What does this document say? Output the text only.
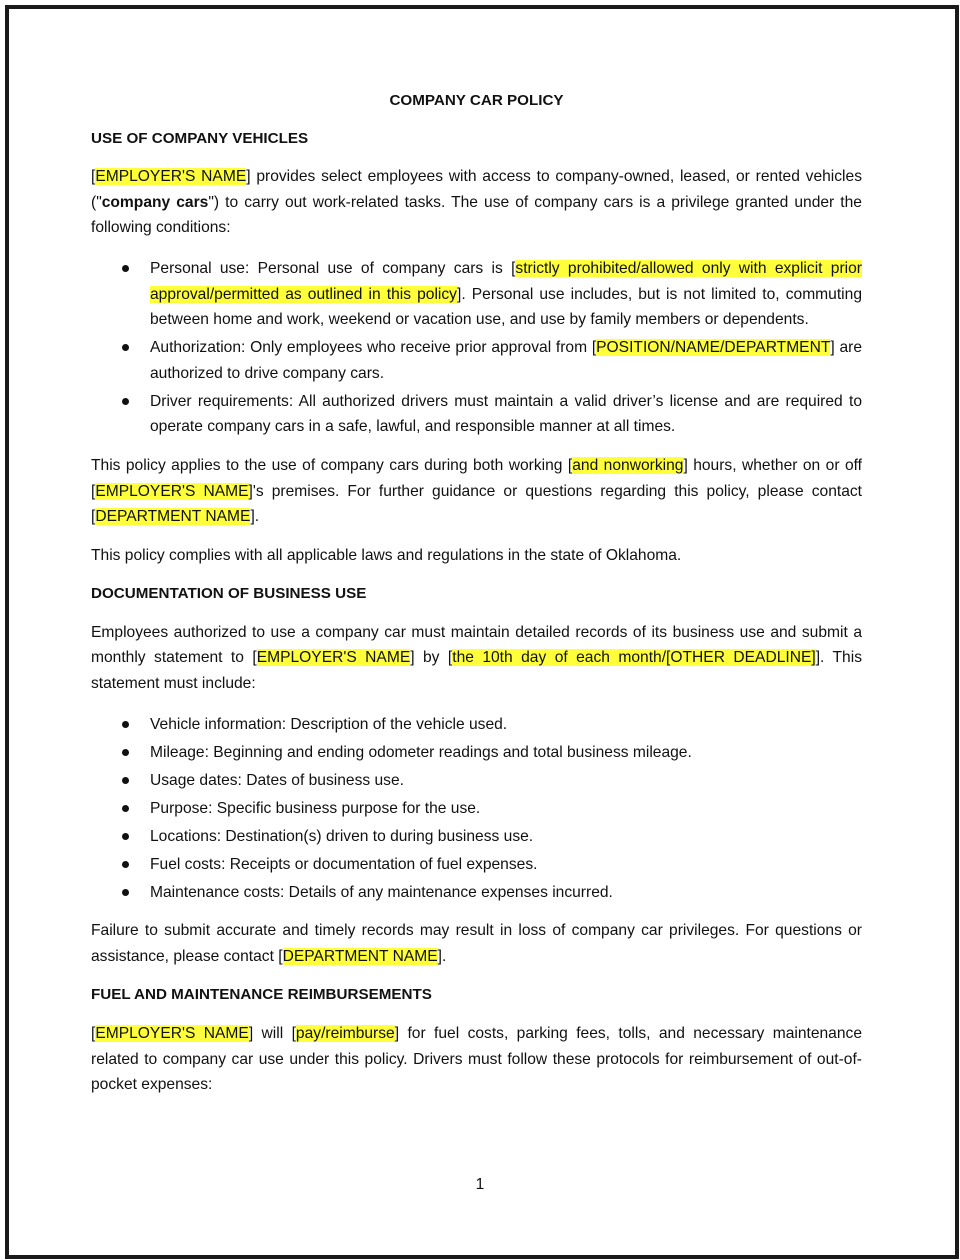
COMPANY CAR POLICY
USE OF COMPANY VEHICLES

[EMPLOYER'S NAME] provides select employees with access to company-owned, leased, or rented vehicles ("company cars") to carry out work-related tasks. The use of company cars is a privilege granted under the following conditions:

Personal use: Personal use of company cars is [strictly prohibited/allowed only with explicit prior approval/permitted as outlined in this policy]. Personal use includes, but is not limited to, commuting between home and work, weekend or vacation use, and use by family members or dependents.
Authorization: Only employees who receive prior approval from [POSITION/NAME/DEPARTMENT] are authorized to drive company cars.
Driver requirements: All authorized drivers must maintain a valid driver’s license and are required to operate company cars in a safe, lawful, and responsible manner at all times.

This policy applies to the use of company cars during both working [and nonworking] hours, whether on or off [EMPLOYER'S NAME]'s premises. For further guidance or questions regarding this policy, please contact [DEPARTMENT NAME].

This policy complies with all applicable laws and regulations in the state of Oklahoma.

DOCUMENTATION OF BUSINESS USE

Employees authorized to use a company car must maintain detailed records of its business use and submit a monthly statement to [EMPLOYER'S NAME] by [the 10th day of each month/[OTHER DEADLINE]]. This statement must include:

Vehicle information: Description of the vehicle used.
Mileage: Beginning and ending odometer readings and total business mileage.
Usage dates: Dates of business use.
Purpose: Specific business purpose for the use.
Locations: Destination(s) driven to during business use.
Fuel costs: Receipts or documentation of fuel expenses.
Maintenance costs: Details of any maintenance expenses incurred.

Failure to submit accurate and timely records may result in loss of company car privileges. For questions or assistance, please contact [DEPARTMENT NAME].

FUEL AND MAINTENANCE REIMBURSEMENTS

[EMPLOYER'S NAME] will [pay/reimburse] for fuel costs, parking fees, tolls, and necessary maintenance related to company car use under this policy. Drivers must follow these protocols for reimbursement of out-of-pocket expenses:

1
